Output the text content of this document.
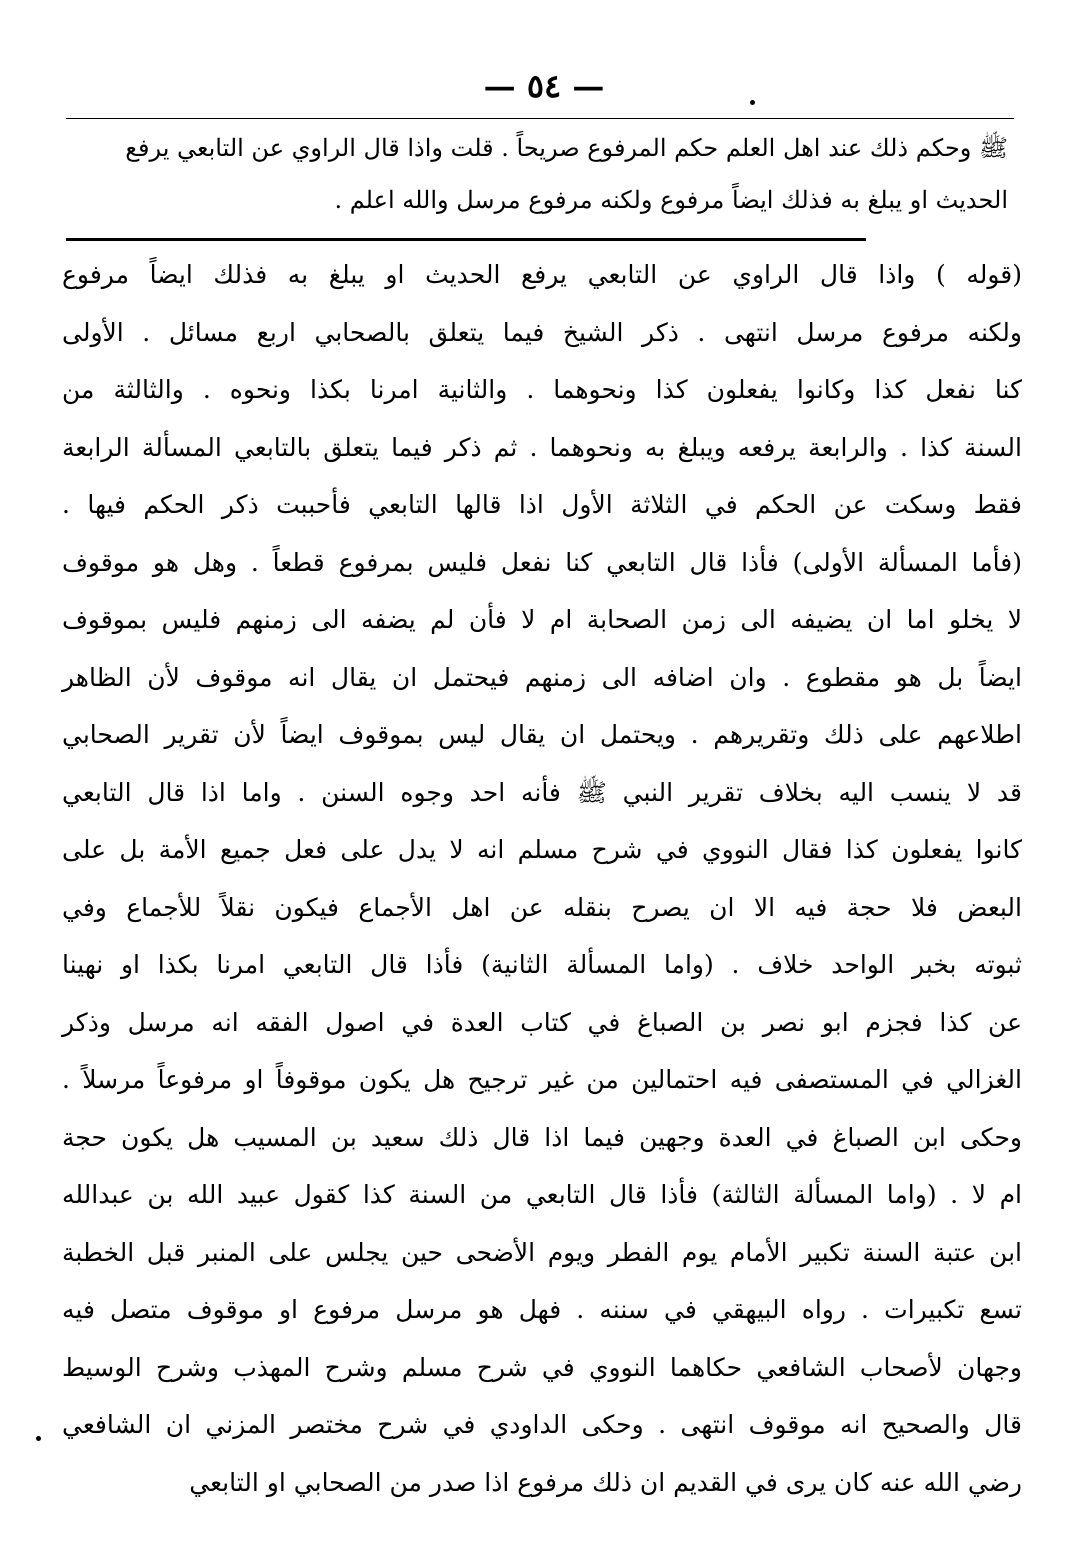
— ٥٤ —
ﷺ وحكم ذلك عند اهل العلم حكم المرفوع صريحاً . قلت واذا قال الراوي عن التابعي يرفع
الحديث او يبلغ به فذلك ايضاً مرفوع ولكنه مرفوع مرسل والله اعلم .
(قوله ) واذا قال الراوي عن التابعي يرفع الحديث او يبلغ به فذلك ايضاً مرفوع
ولكنه مرفوع مرسل انتهى . ذكر الشيخ فيما يتعلق بالصحابي اربع مسائل . الأولى
كنا نفعل كذا وكانوا يفعلون كذا ونحوهما . والثانية امرنا بكذا ونحوه . والثالثة من
السنة كذا . والرابعة يرفعه ويبلغ به ونحوهما . ثم ذكر فيما يتعلق بالتابعي المسألة الرابعة
فقط وسكت عن الحكم في الثلاثة الأول اذا قالها التابعي فأحببت ذكر الحكم فيها .
(فأما المسألة الأولى) فأذا قال التابعي كنا نفعل فليس بمرفوع قطعاً . وهل هو موقوف
لا يخلو اما ان يضيفه الى زمن الصحابة ام لا فأن لم يضفه الى زمنهم فليس بموقوف
ايضاً بل هو مقطوع . وان اضافه الى زمنهم فيحتمل ان يقال انه موقوف لأن الظاهر
اطلاعهم على ذلك وتقريرهم . ويحتمل ان يقال ليس بموقوف ايضاً لأن تقرير الصحابي
قد لا ينسب اليه بخلاف تقرير النبي ﷺ فأنه احد وجوه السنن . واما اذا قال التابعي
كانوا يفعلون كذا فقال النووي في شرح مسلم انه لا يدل على فعل جميع الأمة بل على
البعض فلا حجة فيه الا ان يصرح بنقله عن اهل الأجماع فيكون نقلاً للأجماع وفي
ثبوته بخبر الواحد خلاف . (واما المسألة الثانية) فأذا قال التابعي امرنا بكذا او نهينا
عن كذا فجزم ابو نصر بن الصباغ في كتاب العدة في اصول الفقه انه مرسل وذكر
الغزالي في المستصفى فيه احتمالين من غير ترجيح هل يكون موقوفاً او مرفوعاً مرسلاً .
وحكى ابن الصباغ في العدة وجهين فيما اذا قال ذلك سعيد بن المسيب هل يكون حجة
ام لا . (واما المسألة الثالثة) فأذا قال التابعي من السنة كذا كقول عبيد الله بن عبدالله
ابن عتبة السنة تكبير الأمام يوم الفطر ويوم الأضحى حين يجلس على المنبر قبل الخطبة
تسع تكبيرات . رواه البيهقي في سننه . فهل هو مرسل مرفوع او موقوف متصل فيه
وجهان لأصحاب الشافعي حكاهما النووي في شرح مسلم وشرح المهذب وشرح الوسيط
قال والصحيح انه موقوف انتهى . وحكى الداودي في شرح مختصر المزني ان الشافعي
رضي الله عنه كان يرى في القديم ان ذلك مرفوع اذا صدر من الصحابي او التابعي
